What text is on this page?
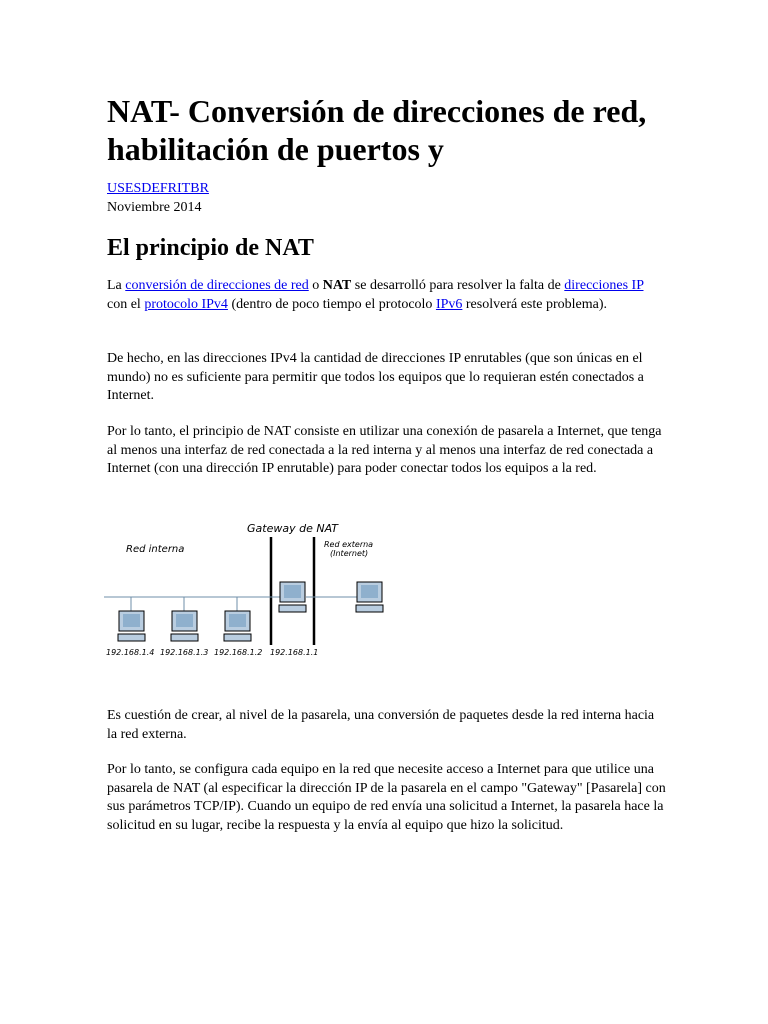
NAT- Conversión de direcciones de red, habilitación de puertos y
USESDEFRITBR
Noviembre 2014
El principio de NAT

La conversión de direcciones de red o NAT se desarrolló para resolver la falta de direcciones IP con el protocolo IPv4 (dentro de poco tiempo el protocolo IPv6 resolverá este problema).

De hecho, en las direcciones IPv4 la cantidad de direcciones IP enrutables (que son únicas en el mundo) no es suficiente para permitir que todos los equipos que lo requieran estén conectados a Internet.

Por lo tanto, el principio de NAT consiste en utilizar una conexión de pasarela a Internet, que tenga al menos una interfaz de red conectada a la red interna y al menos una interfaz de red conectada a Internet (con una dirección IP enrutable) para poder conectar todos los equipos a la red.

Gateway de NAT
Red interna	Red externa
(Internet)
192.168.1.4 192.168.1.3 192.168.1.2 192.168.1.1

Es cuestión de crear, al nivel de la pasarela, una conversión de paquetes desde la red interna hacia la red externa.

Por lo tanto, se configura cada equipo en la red que necesite acceso a Internet para que utilice una pasarela de NAT (al especificar la dirección IP de la pasarela en el campo "Gateway" [Pasarela] con sus parámetros TCP/IP). Cuando un equipo de red envía una solicitud a Internet, la pasarela hace la solicitud en su lugar, recibe la respuesta y la envía al equipo que hizo la solicitud.
